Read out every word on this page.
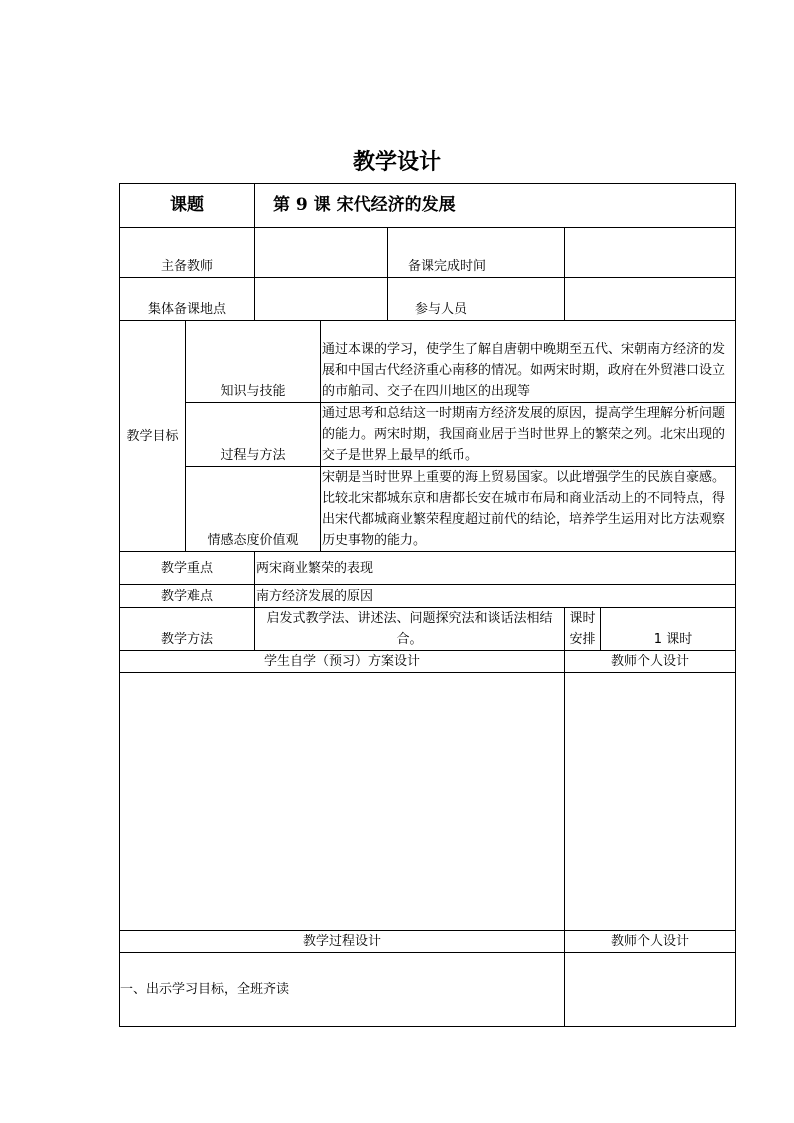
教学设计
课题		第 9 课 宋代经济的发展				
主备教师				备课完成时间		
集体备课地点				参与人员		
教学目标	知识与技能		通过本课的学习，使学生了解自唐朝中晚期至五代、宋朝南方经济的发展和中国古代经济重心南移的情况。如两宋时期，政府在外贸港口设立的市舶司、交子在四川地区的出现等			
	过程与方法		通过思考和总结这一时期南方经济发展的原因，提高学生理解分析问题的能力。两宋时期，我国商业居于当时世界上的繁荣之列。北宋出现的交子是世界上最早的纸币。			
	情感态度价值观		宋朝是当时世界上重要的海上贸易国家。以此增强学生的民族自豪感。比较北宋都城东京和唐都长安在城市布局和商业活动上的不同特点，得出宋代都城商业繁荣程度超过前代的结论，培养学生运用对比方法观察历史事物的能力。			
教学重点		两宋商业繁荣的表现				
教学难点		南方经济发展的原因				
教学方法		启发式教学法、讲述法、问题探究法和谈话法相结合。			课时安排	1 课时
学生自学（预习）方案设计					教师个人设计	

教学过程设计					教师个人设计	
一、出示学习目标，全班齐读						
